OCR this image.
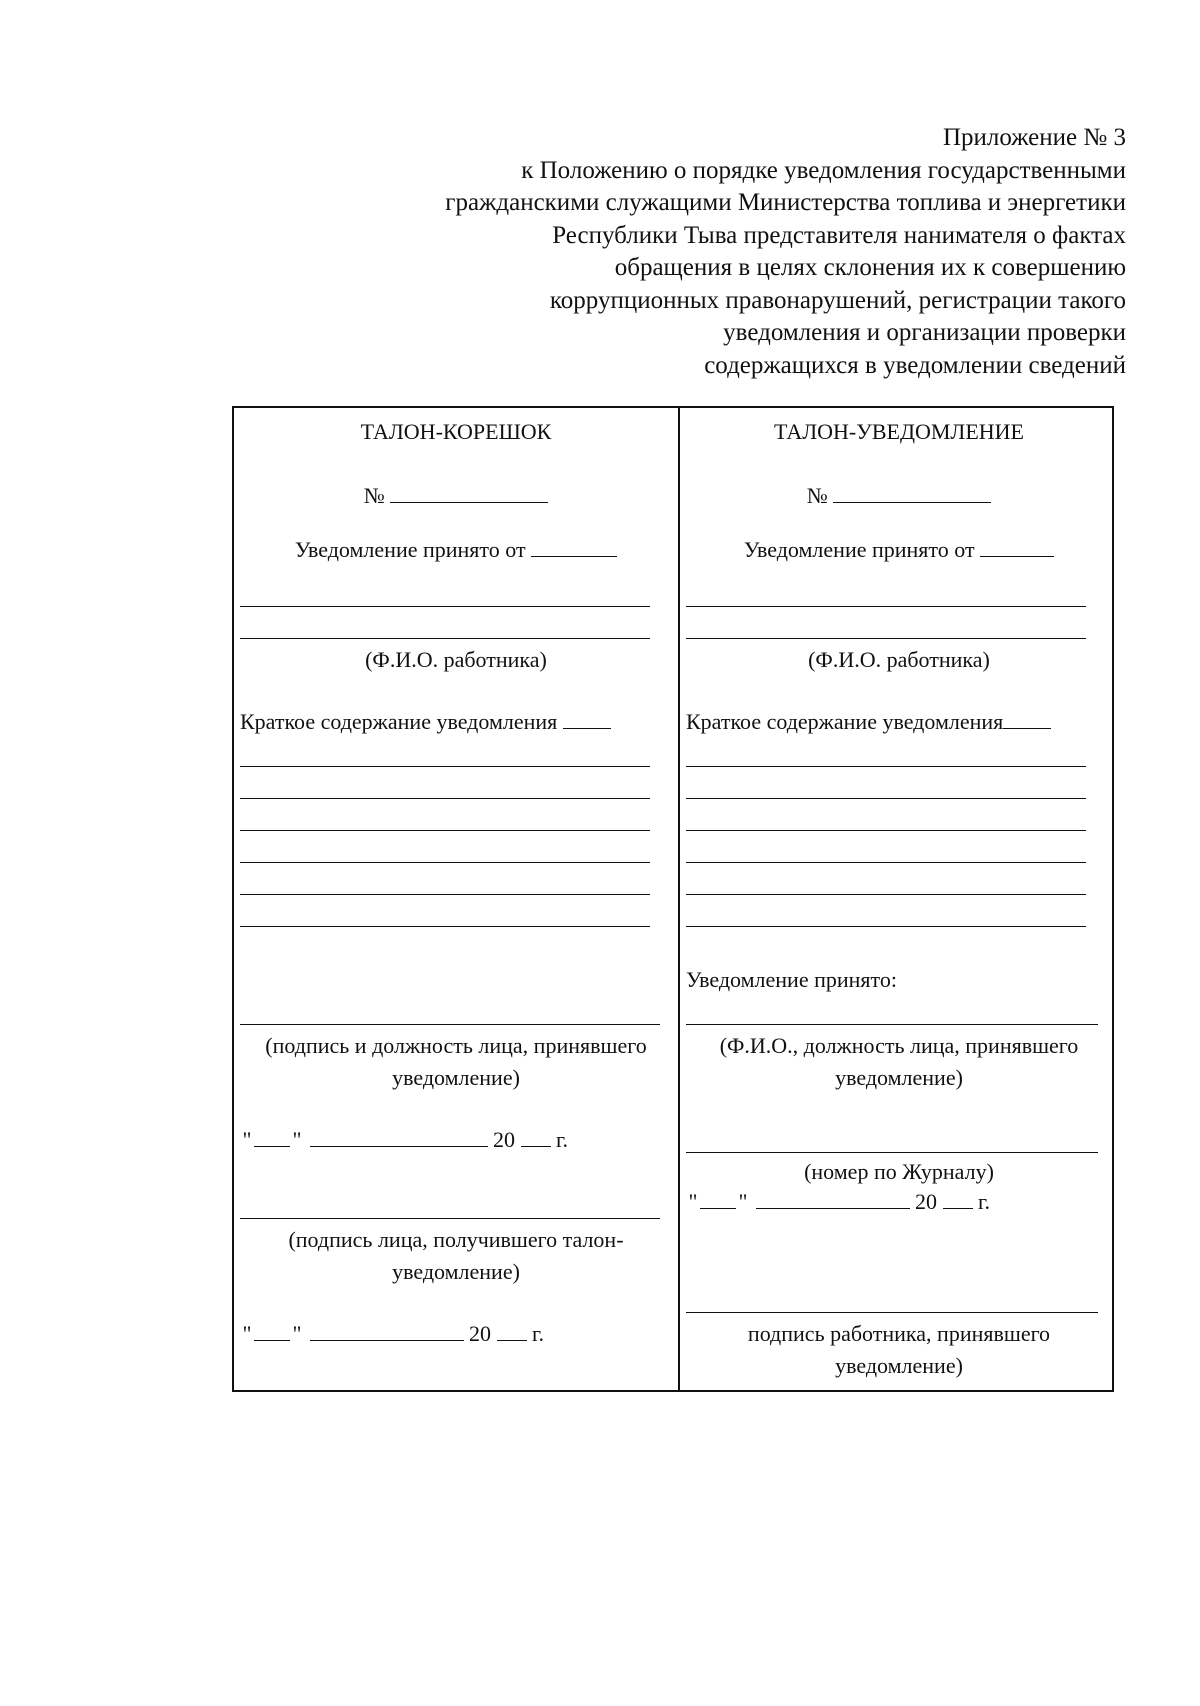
Приложение № 3
к Положению о порядке уведомления государственными
гражданскими служащими Министерства топлива и энергетики
Республики Тыва представителя нанимателя о фактах
обращения в целях склонения их к совершению
коррупционных правонарушений, регистрации такого
уведомления и организации проверки
содержащихся в уведомлении сведений
ТАЛОН-КОРЕШОК
№
Уведомление принято от
(Ф.И.О. работника)
Краткое содержание уведомления
(подпись и должность лица, принявшего
уведомление)
" "	20 г.
(подпись лица, получившего талон-
уведомление)
" "	20 г.
ТАЛОН-УВЕДОМЛЕНИЕ
№
Уведомление принято от
(Ф.И.О. работника)
Краткое содержание уведомления
Уведомление принято:
(Ф.И.О., должность лица, принявшего
уведомление)
(номер по Журналу)
" "	20 г.
подпись работника, принявшего
уведомление)
